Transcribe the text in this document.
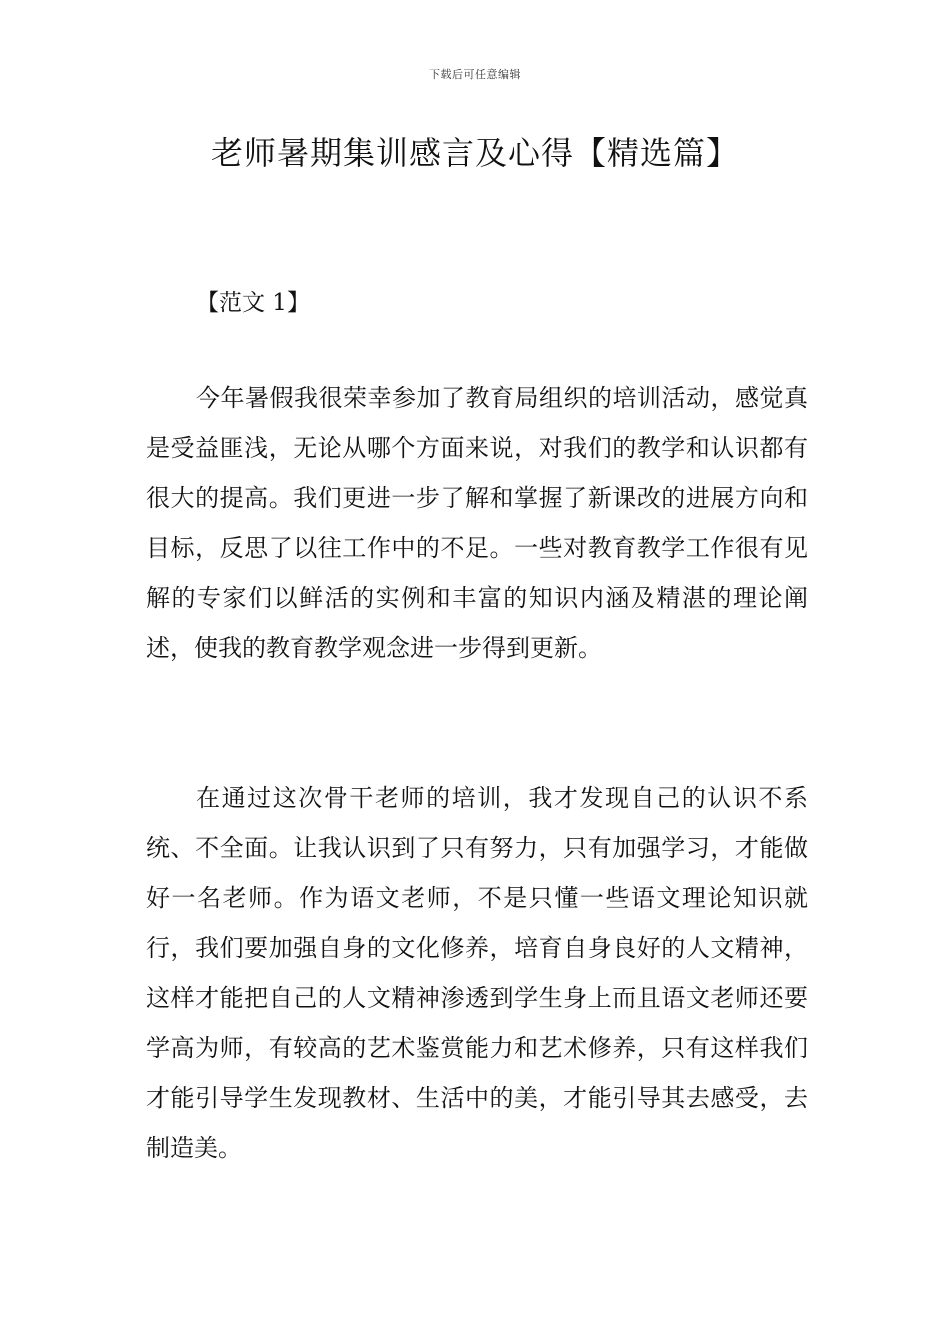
下载后可任意编辑
老师暑期集训感言及心得【精选篇】
【范文 1】

今年暑假我很荣幸参加了教育局组织的培训活动，感觉真是受益匪浅，无论从哪个方面来说，对我们的教学和认识都有很大的提高。我们更进一步了解和掌握了新课改的进展方向和目标，反思了以往工作中的不足。一些对教育教学工作很有见解的专家们以鲜活的实例和丰富的知识内涵及精湛的理论阐述，使我的教育教学观念进一步得到更新。

在通过这次骨干老师的培训，我才发现自己的认识不系统、不全面。让我认识到了只有努力，只有加强学习，才能做好一名老师。作为语文老师，不是只懂一些语文理论知识就行，我们要加强自身的文化修养，培育自身良好的人文精神，这样才能把自己的人文精神渗透到学生身上而且语文老师还要学高为师，有较高的艺术鉴赏能力和艺术修养，只有这样我们才能引导学生发现教材、生活中的美，才能引导其去感受，去制造美。
